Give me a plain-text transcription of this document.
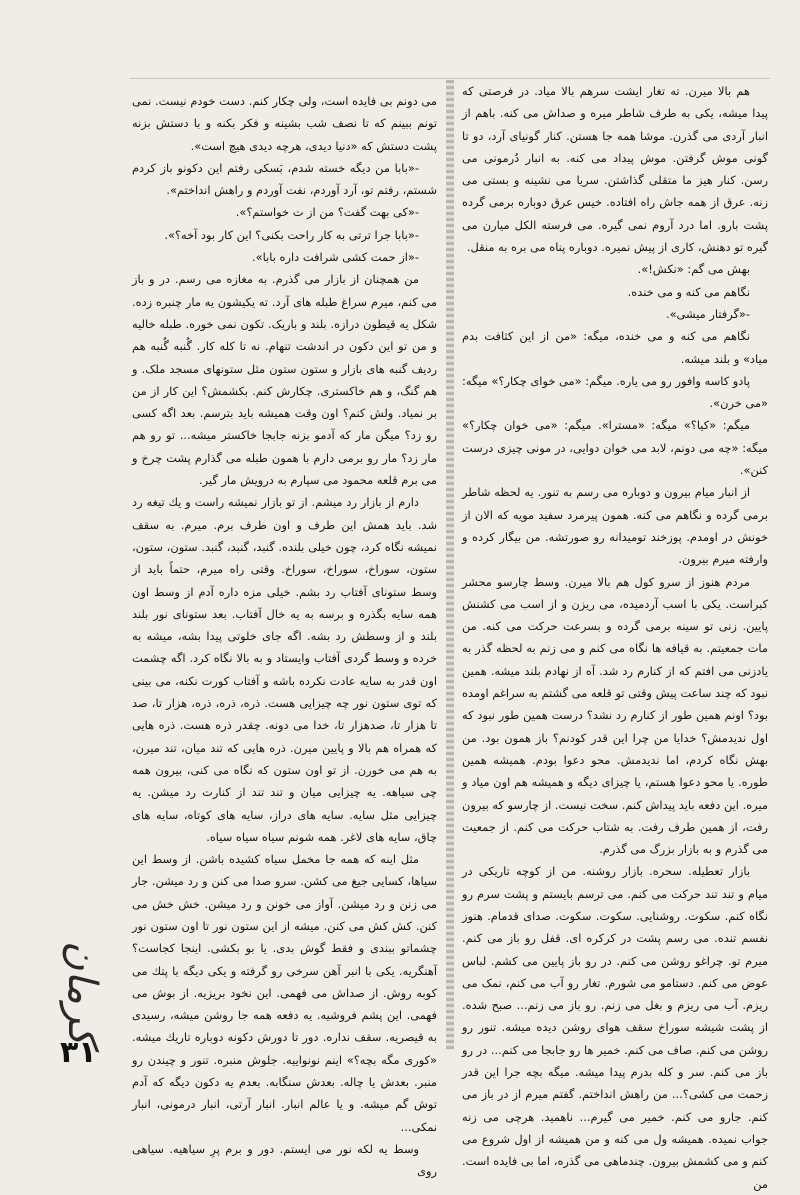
هم بالا میرن. ته تغار ایشت سرهم بالا میاد. در فرصتی که پیدا میشه، یکی به طرف شاطر میره و صداش می کنه. باهم از انبار آردی می گذرن. موشا همه جا هستن. کنار گونیای آرد، دو تا گونی موش گرفتن. موش پیداد می کنه. به انبار دُرمونی می رسن. کنار هیز ما متقلی گذاشتن. سریا می نشینه و بستی می زنه. عرق از همه جاش راه افتاده. خیس عرق دوباره برمی گرده پشت بارو. اما درد آروم نمی گیره. می فرسته الکل میارن می گیره تو دهنش، کاری از پیش نمیره. دوباره پناه می بره به منقل.

بهش می گم: «نکش!».

نگاهم می کنه و می خنده.

-«گرفتار میشی».

نگاهم می کنه و می خنده، میگه: «من از این کثافت بدم میاد» و بلند میشه.

پادو کاسه وافور رو می یاره. میگم: «می خوای چکار؟» میگه: «می خرن».

میگم: «کیا؟» میگه: «مسترا». میگم: «می خوان چکار؟» میگه: «چه می دونم، لابد می خوان دوایی، در مونی چیزی درست کنن».

از انبار میام بیرون و دوباره می رسم به تنور. یه لحظه شاطر برمی گرده و نگاهم می کنه. همون پیرمرد سفید مویه که الان از خونش در اومدم. پوزخند تومیدانه رو صورتشه. من بیگار کرده و وارفته میرم بیرون.

مردم هنوز از سرو کول هم بالا میرن. وسط چارسو محشر کبراست. یکی با اسب آردمیده، می ریزن و از اسب می کشنش پایین. زنی تو سینه برمی گرده و بسرعت حرکت می کنه. من مات جمعیتم. به قیافه ها نگاه می کنم و می زنم به لحظه گذر به یادزنی می افتم که از کنارم رد شد. آه از نهادم بلند میشه. همین نبود که چند ساعت پیش وقتی تو قلعه می گشتم به سراغم اومده بود؟ اونم همین طور از کنارم رد نشد؟ درست همین طور نبود که اول ندیدمش؟ خدایا من چرا این قدر کودنم؟ باز همون بود. من بهش نگاه کردم، اما ندیدمش. محو دعوا بودم. همیشه همین طوره. یا محو دعوا هستم، یا چیزای دیگه و همیشه هم اون میاد و میره. این دفعه باید پیداش کنم. سخت نیست. از چارسو که بیرون رفت، از همین طرف رفت. به شتاب حرکت می کنم. از جمعیت می گذرم و به بازار بزرگ می گذرم.

بازار تعطیله. سحره. بازار روشنه. من از کوچه تاریکی در میام و تند تند حرکت می کنم. می ترسم بایستم و پشت سرم رو نگاه کنم. سکوت. روشنایی. سکوت. سکوت. صدای قدمام. هنوز نفسم تنده. می رسم پشت در کرکره ای. قفل رو باز می کنم. میرم تو. چراغو روشن می کنم. در رو باز پایین می کشم. لباس عوض می کنم. دستامو می شورم. تغار رو آب می کنم، نمک می ریزم. آب می ریزم و بغل می زنم. رو باز می زنم... صبح شده. از پشت شیشه سوراخ سقف هوای روشن دیده میشه. تنور رو روشن می کنم. صاف می کنم. خمیر ها رو جابجا می کنم... در رو باز می کنم. سر و کله بدرم پیدا میشه. میگه بچه جرا این قدر زحمت می کشی؟... من راهش انداختم. گفتم میرم از در باز می کنم. جارو می کنم. خمیر می گیرم... ناهمید. هرچی می زنه جواب نمیده. همیشه ول می کنه و من همیشه از اول شروع می کنم و می کشمش بیرون. چندماهی می گذره، اما بی فایده است. من

می دونم بی فایده است، ولی چکار کنم. دست خودم نیست. نمی تونم ببینم که تا نصف شب بشینه و فکر بکنه و با دستش بزنه پشت دستش که «دنیا دیدی، هرچه دیدی هیچ است».

-«بابا من دیگه خسته شدم، بَسکی رفتم این دکونو باز کردم شستم، رفتم تو، آرد آوردم، نفت آوردم و راهش انداختم».

-«کی بهت گفت؟ من از ت خواستم؟».

-«بابا جرا ترتی به کار راحت بکنی؟ این کار بود آخه؟».

-«از حمت کشی شرافت داره بابا».

من همچنان از بازار می گذرم. به مغازه می رسم. در و باز می کنم، میرم سراغ طبله های آرد. ته یکیشون یه مار چنبره زده. شکل یه قیطون درازه. بلند و باریک. تکون نمی خوره. طبله خالیه و من تو این دکون در اندشت تنهام. نه تا کله کار. گُنبه گُنبه هم ردیف گنبه های بازار و ستون ستون مثل ستونهای مسجد ملک. و هم گنگ، و هم خاکستری. چکارش کنم. بکشمش؟ این کار از من بر نمیاد. ولش کنم؟ اون وقت همیشه باید بترسم. بعد اگه کسی رو زد؟ میگن مار که آدمو بزنه جابجا خاکستر میشه... تو رو هم مار زد؟ مار رو برمی دارم با همون طبله می گذارم پشت چرخ و می برم قلعه محمود می سپارم به درویش مار گیر.

دارم از بازار رد میشم. از تو بازار نمیشه راست و یك تیغه رد شد. باید همش این طرف و اون طرف برم. میرم. به سقف نمیشه نگاه کرد، چون خیلی بلنده. گنبد، گنبد، گنبد. ستون، ستون، ستون، سوراخ، سوراخ، سوراخ. وقتی راه میرم، حتماً باید از وسط ستونای آفتاب رد بشم. خیلی مزه داره آدم از وسط اون همه سایه بگذره و برسه به یه خال آفتاب. بعد ستونای نور بلند بلند و از وسطش رد بشه. اگه جای خلوتی پیدا بشه، میشه به خرده و وسط گردی آفتاب وایستاد و به بالا نگاه کرد. اگه چشمت اون قدر به سایه عادت نکرده باشه و آفتاب کورت نکنه، می بینی که توی ستون نور چه چیزایی هست. ذره، ذره، ذره، هزار تا، صد تا هزار تا، صدهزار تا، خدا می دونه. چقدر ذره هست. ذره هایی که همراه هم بالا و پایین میرن. ذره هایی که تند میان، تند میرن، به هم می خورن. از تو اون ستون که نگاه می کنی، بیرون همه چی سیاهه. یه چیزایی میان و تند تند از کنارت رد میشن. یه چیزایی مثل سایه. سایه های دراز، سایه های کوتاه، سایه های چاق، سایه های لاغر. همه شونم سیاه سیاه سیاه.

مثل اینه که همه جا مخمل سیاه کشیده باشن. از وسط این سیاها، کسایی جیغ می کشن. سرو صدا می کنن و رد میشن. جار می زنن و رد میشن. آواز می خونن و رد میشن. خش خش می کنن. کش کش می کنن. میشه از این ستون نور تا اون ستون نور چشماتو ببندی و فقط گوش بدی. یا بو بکشی. اینجا کجاست؟ آهنگریه. یکی با انبر آهن سرخی رو گرفته و یکی دیگه با پتك می کوبه روش. از صداش می فهمی. این نخود بریزیه. از بوش می فهمی. این پشم فروشیه. یه دفعه همه جا روشن میشه، رسیدی به قیصریه. سقف نداره. دور تا دورش دکونه دوباره تاریك میشه. «کوری مگه بچه؟» اینم نونواییه. جلوش منبره. تنور و چیندن رو منبر. بعدش یا چاله. بعدش سنگابه. بعدم یه دکون دیگه که آدم توش گم میشه. و یا عالم انبار. انبار آرتی، انبار درمونی، انبار نمکی...

وسط یه لکه نور می ایستم. دور و برم پرِ سیاهیه. سیاهی روی

کرمان
۳۱
